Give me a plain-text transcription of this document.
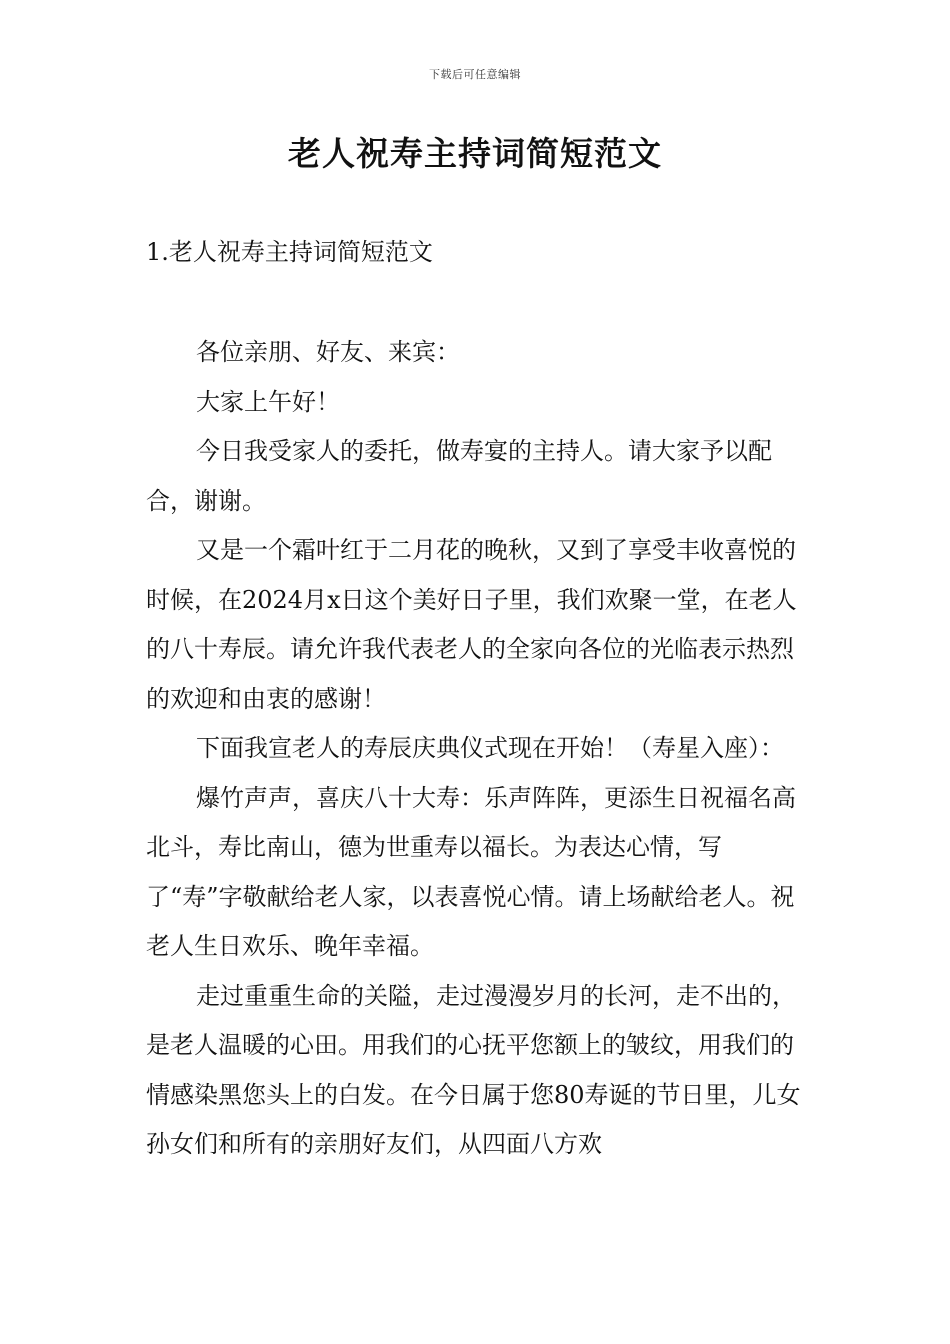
下载后可任意编辑
老人祝寿主持词简短范文
1.老人祝寿主持词简短范文

各位亲朋、好友、来宾：

大家上午好！

今日我受家人的委托，做寿宴的主持人。请大家予以配合，谢谢。

又是一个霜叶红于二月花的晚秋，又到了享受丰收喜悦的时候，在2024月x日这个美好日子里，我们欢聚一堂，在老人的八十寿辰。请允许我代表老人的全家向各位的光临表示热烈的欢迎和由衷的感谢！

下面我宣老人的寿辰庆典仪式现在开始！（寿星入座）：

爆竹声声，喜庆八十大寿：乐声阵阵，更添生日祝福名高北斗，寿比南山，德为世重寿以福长。为表达心情，写了“寿”字敬献给老人家，以表喜悦心情。请上场献给老人。祝老人生日欢乐、晚年幸福。

走过重重生命的关隘，走过漫漫岁月的长河，走不出的，是老人温暖的心田。用我们的心抚平您额上的皱纹，用我们的情感染黑您头上的白发。在今日属于您80寿诞的节日里，儿女孙女们和所有的亲朋好友们，从四面八方欢
